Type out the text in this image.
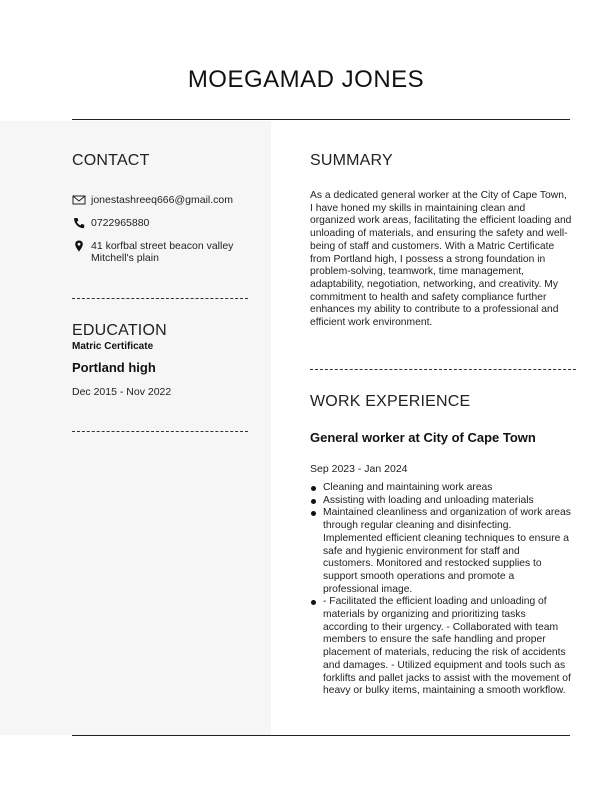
MOEGAMAD JONES
CONTACT
jonestashreeq666@gmail.com
0722965880
41 korfbal street beacon valley
Mitchell's plain
EDUCATION
Matric Certificate
Portland high
Dec 2015 - Nov 2022
SUMMARY

As a dedicated general worker at the City of Cape Town, I have honed my skills in maintaining clean and organized work areas, facilitating the efficient loading and unloading of materials, and ensuring the safety and well-being of staff and customers. With a Matric Certificate from Portland high, I possess a strong foundation in problem-solving, teamwork, time management, adaptability, negotiation, networking, and creativity. My commitment to health and safety compliance further enhances my ability to contribute to a professional and efficient work environment.

WORK EXPERIENCE
General worker at City of Cape Town
Sep 2023 - Jan 2024
Cleaning and maintaining work areas
Assisting with loading and unloading materials
Maintained cleanliness and organization of work areas through regular cleaning and disinfecting. Implemented efficient cleaning techniques to ensure a safe and hygienic environment for staff and customers. Monitored and restocked supplies to support smooth operations and promote a professional image.
- Facilitated the efficient loading and unloading of materials by organizing and prioritizing tasks according to their urgency. - Collaborated with team members to ensure the safe handling and proper placement of materials, reducing the risk of accidents and damages. - Utilized equipment and tools such as forklifts and pallet jacks to assist with the movement of heavy or bulky items, maintaining a smooth workflow.
